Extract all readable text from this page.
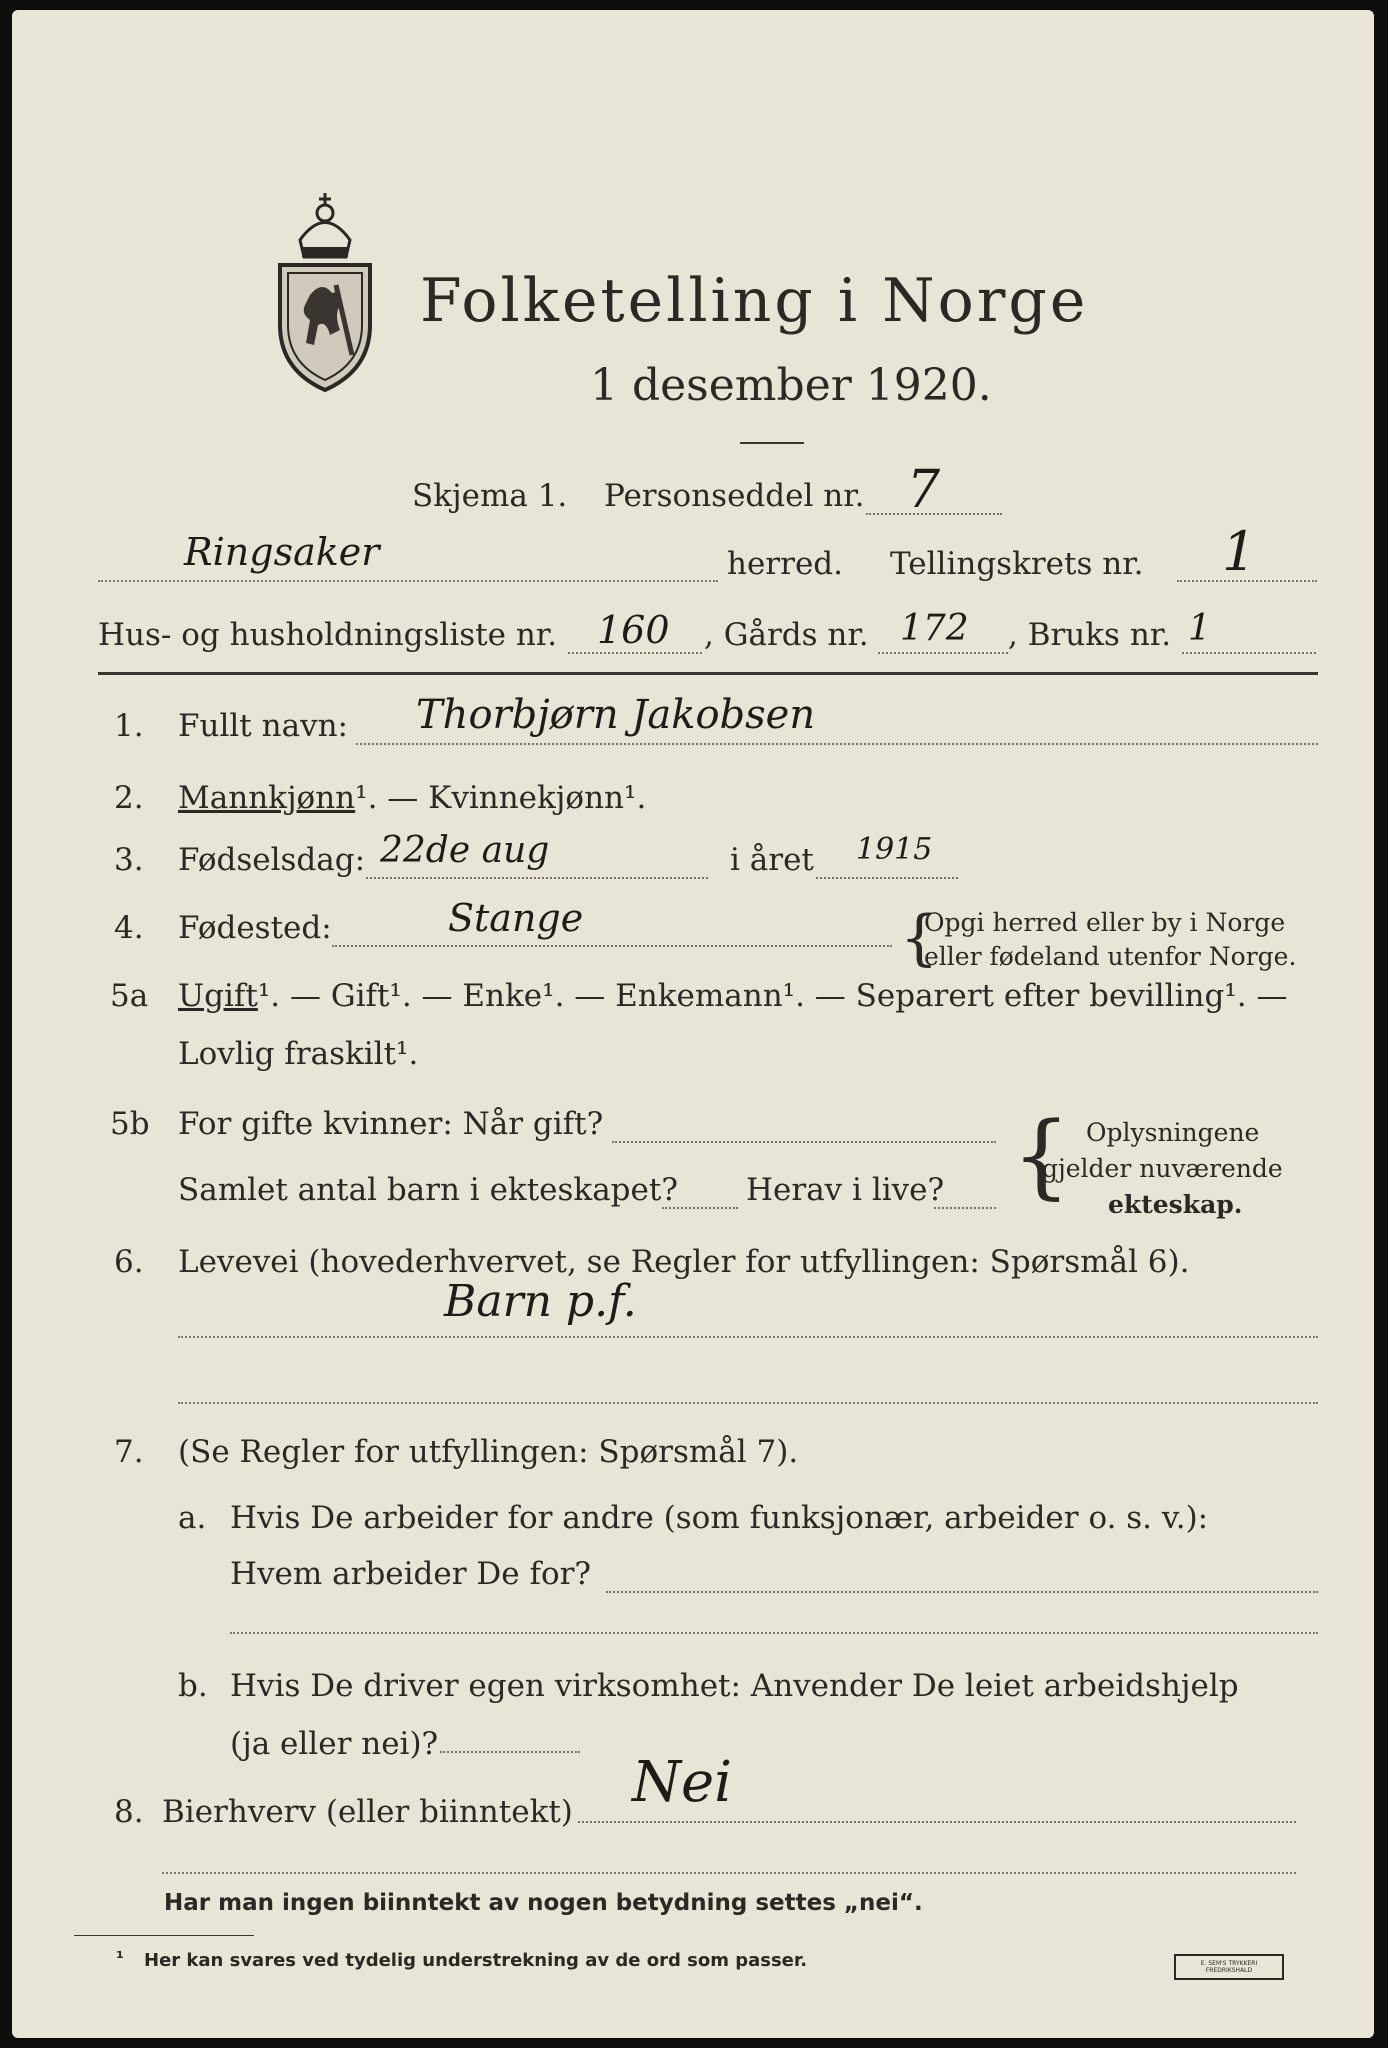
Folketelling i Norge
1 desember 1920.
Skjema 1. Personseddel nr. 7
Ringsaker	herred. Tellingskrets nr. 1
Hus- og husholdningsliste nr. 160 , Gårds nr. 172 , Bruks nr. 1
1. Fullt navn: Thorbjørn Jakobsen
2. Mannkjønn¹. — Kvinnekjønn¹.
3. Fødselsdag: 22de aug	i året 1915
4. Fødested:	Stange	{
Opgi herred eller by i Norge
eller fødeland utenfor Norge.
5a Ugift¹. — Gift¹. — Enke¹. — Enkemann¹. — Separert efter bevilling¹. —
Lovlig fraskilt¹.
5b For gifte kvinner: Når gift?
Samlet antal barn i ekteskapet? Herav i live? { Oplysningene
gjelder nuværende
ekteskap.
6. Levevei (hovederhvervet, se Regler for utfyllingen: Spørsmål 6).
Barn p.f.
7. (Se Regler for utfyllingen: Spørsmål 7).
a. Hvis De arbeider for andre (som funksjonær, arbeider o. s. v.):
Hvem arbeider De for?
b. Hvis De driver egen virksomhet: Anvender De leiet arbeidshjelp
(ja eller nei)?
8. Bierhverv (eller biinntekt) Nei
Har man ingen biinntekt av nogen betydning settes „nei“.
¹ Her kan svares ved tydelig understrekning av de ord som passer.	E. SEM'S TRYKKERI FREDRIKSHALD
